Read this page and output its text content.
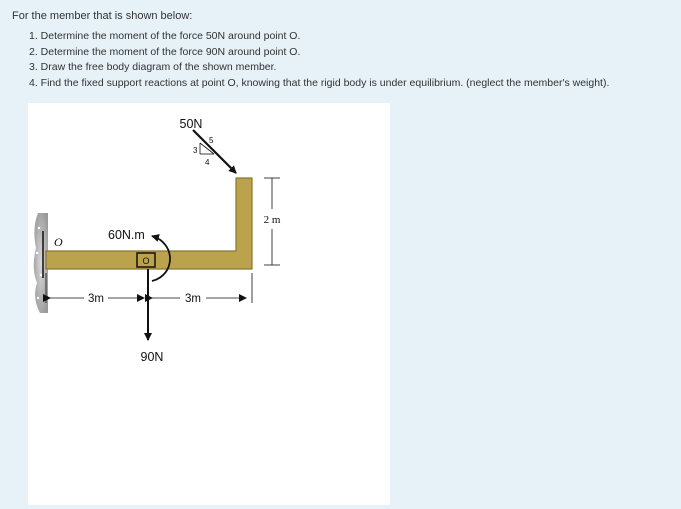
For the member that is shown below:
1. Determine the moment of the force 50N around point O.
2. Determine the moment of the force 90N around point O.
3. Draw the free body diagram of the shown member.
4. Find the fixed support reactions at point O, knowing that the rigid body is under equilibrium. (neglect the member's weight).
O
O
50N
3
4
5
2 m
60N.m
90N
3m	3m
